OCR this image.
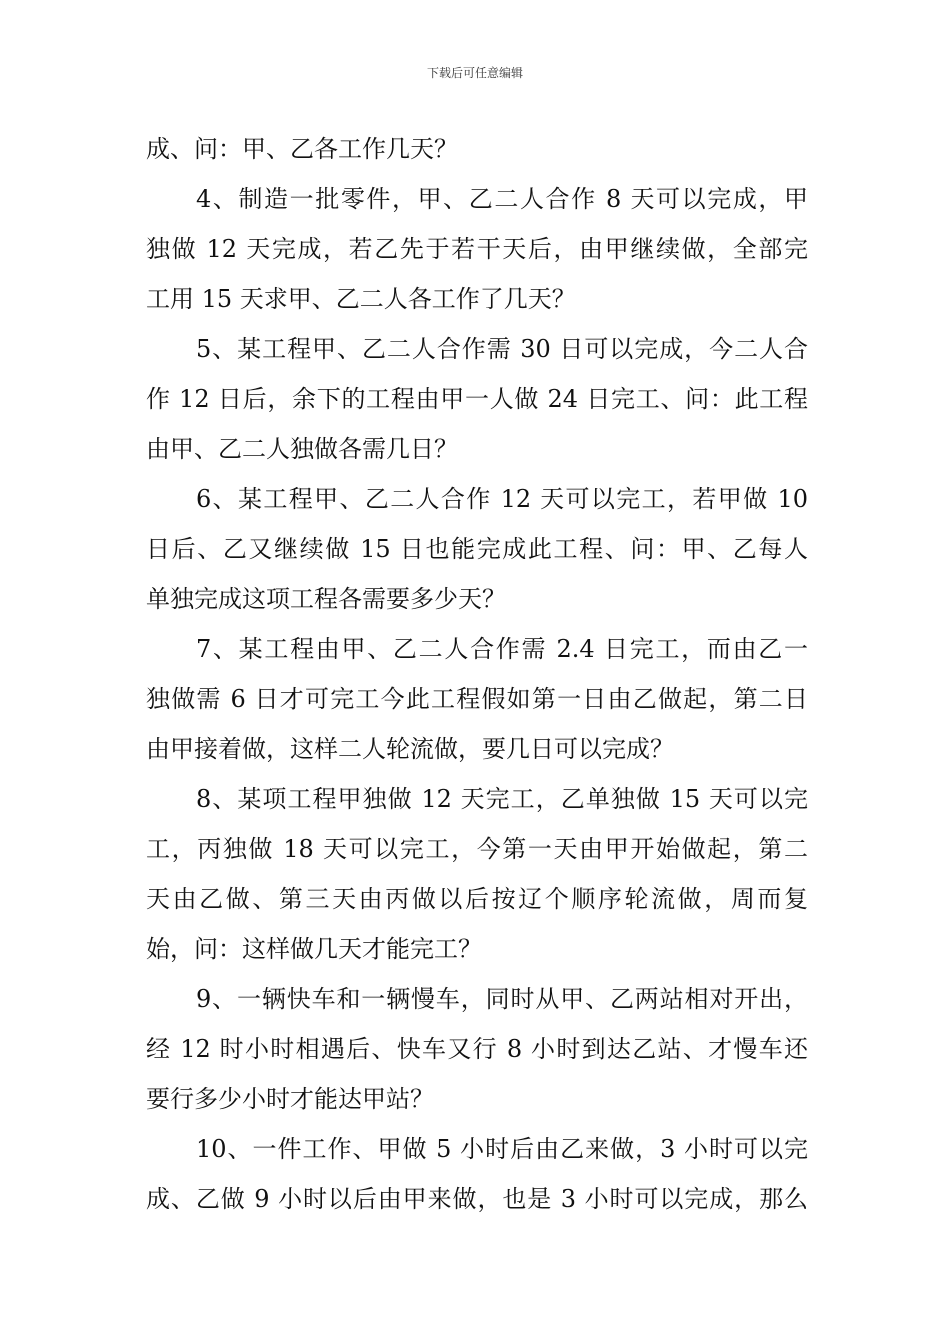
下载后可任意编辑
成、问：甲、乙各工作几天？
4、制造一批零件，甲、乙二人合作 8 天可以完成，甲
独做 12 天完成，若乙先于若干天后，由甲继续做，全部完
工用 15 天求甲、乙二人各工作了几天？
5、某工程甲、乙二人合作需 30 日可以完成，今二人合
作 12 日后，余下的工程由甲一人做 24 日完工、问：此工程
由甲、乙二人独做各需几日？
6、某工程甲、乙二人合作 12 天可以完工，若甲做 10
日后、乙又继续做 15 日也能完成此工程、问：甲、乙每人
单独完成这项工程各需要多少天？
7、某工程由甲、乙二人合作需 2.4 日完工，而由乙一
独做需 6 日才可完工今此工程假如第一日由乙做起，第二日
由甲接着做，这样二人轮流做，要几日可以完成？
8、某项工程甲独做 12 天完工，乙单独做 15 天可以完
工，丙独做 18 天可以完工，今第一天由甲开始做起，第二
天由乙做、第三天由丙做以后按辽个顺序轮流做，周而复
始，问：这样做几天才能完工？
9、一辆快车和一辆慢车，同时从甲、乙两站相对开出，
经 12 时小时相遇后、快车又行 8 小时到达乙站、才慢车还
要行多少小时才能达甲站？
10、一件工作、甲做 5 小时后由乙来做，3 小时可以完
成、乙做 9 小时以后由甲来做，也是 3 小时可以完成，那么
